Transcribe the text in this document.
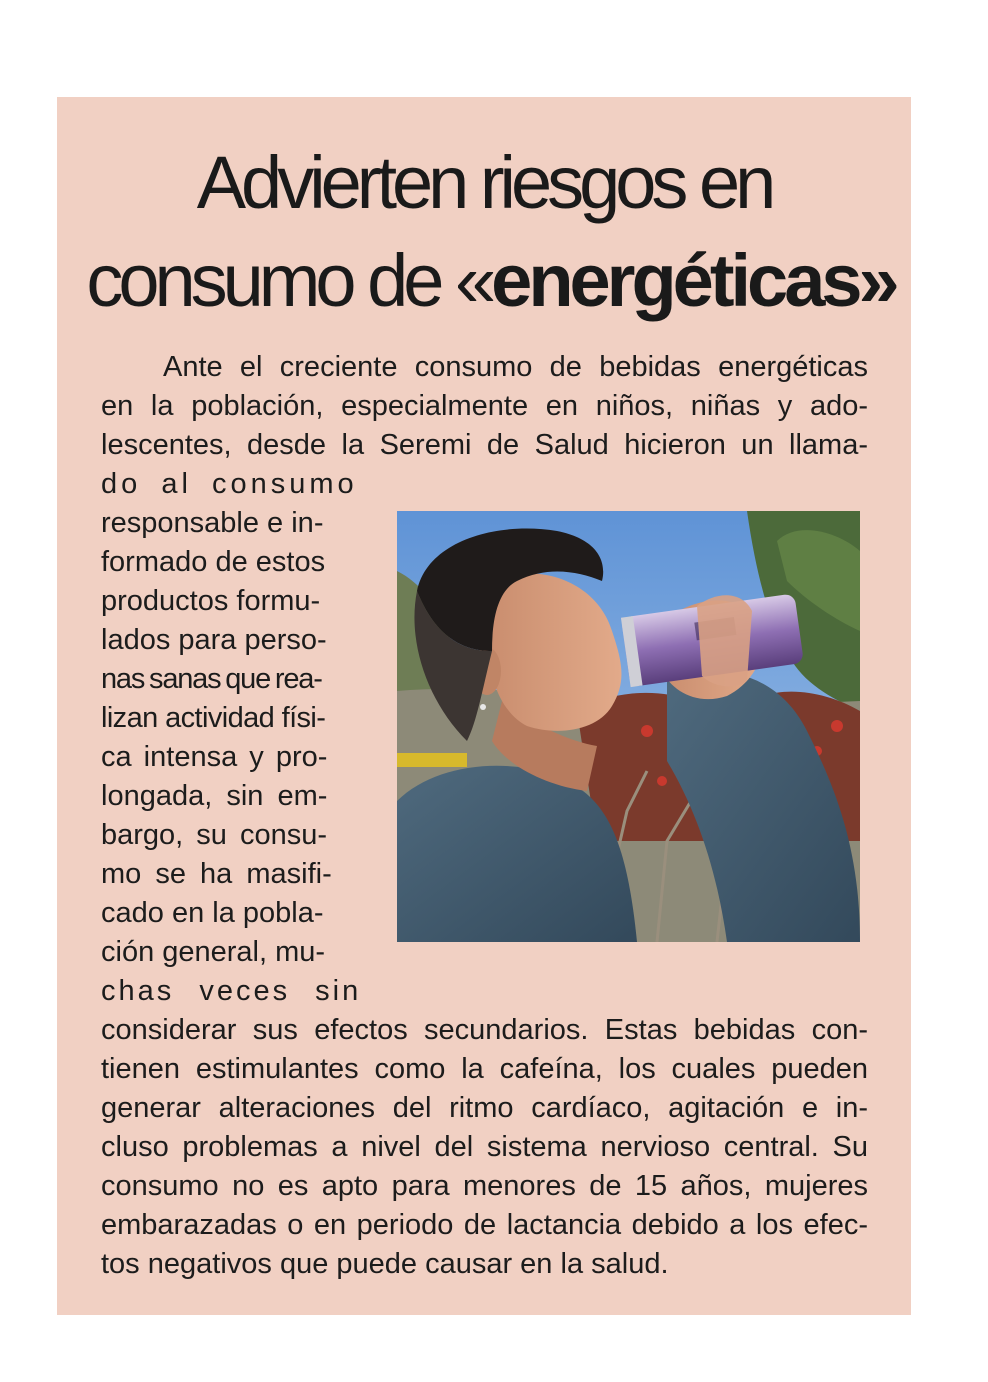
Advierten riesgos en
consumo de «energéticas»
Ante el creciente consumo de bebidas energéticas
en la población, especialmente en niños, niñas y ado-
lescentes, desde la Seremi de Salud hicieron un llama-
do al consumo
responsable e in-
formado de estos
productos formu-
lados para perso-
nas sanas que rea-
lizan actividad físi-
ca intensa y pro-
longada, sin em-
bargo, su consu-
mo se ha masifi-
cado en la pobla-
ción general, mu-
chas veces sin
considerar sus efectos secundarios. Estas bebidas con-
tienen estimulantes como la cafeína, los cuales pueden
generar alteraciones del ritmo cardíaco, agitación e in-
cluso problemas a nivel del sistema nervioso central. Su
consumo no es apto para menores de 15 años, mujeres
embarazadas o en periodo de lactancia debido a los efec-
tos negativos que puede causar en la salud.
